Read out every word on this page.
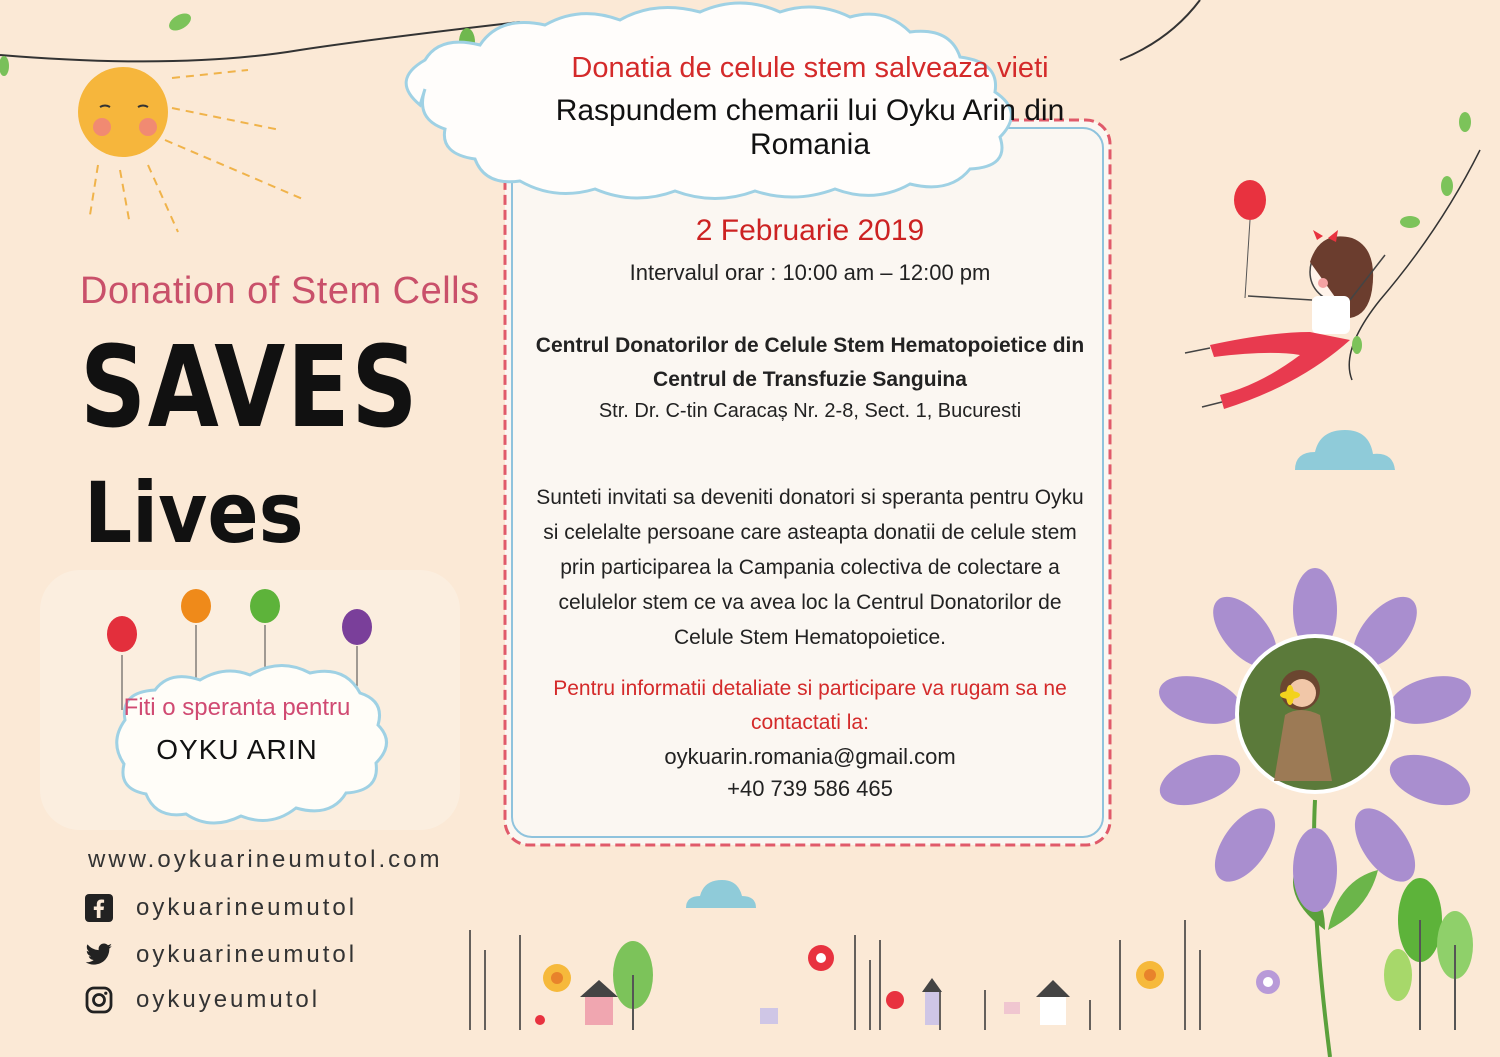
Donatia de celule stem salveaza vieti
Raspundem chemarii lui Oyku Arin din Romania
Donation of Stem Cells
SAVES
Lives
Fiti o speranta pentru
OYKU ARIN
2 Februarie 2019
Intervalul orar : 10:00 am – 12:00 pm
Centrul Donatorilor de Celule Stem Hematopoietice din
Centrul de Transfuzie Sanguina
Str. Dr. C-tin Caracaș Nr. 2-8, Sect. 1, Bucuresti
Sunteti invitati sa deveniti donatori si speranta pentru Oyku si celelalte persoane care asteapta donatii de celule stem prin participarea la Campania colectiva de colectare a celulelor stem ce va avea loc la Centrul Donatorilor de Celule Stem Hematopoietice.
Pentru informatii detaliate si participare va rugam sa ne contactati la:
oykuarin.romania@gmail.com
+40 739 586 465
www.oykuarineumutol.com
oykuarineumutol
oykuarineumutol
oykuyeumutol
